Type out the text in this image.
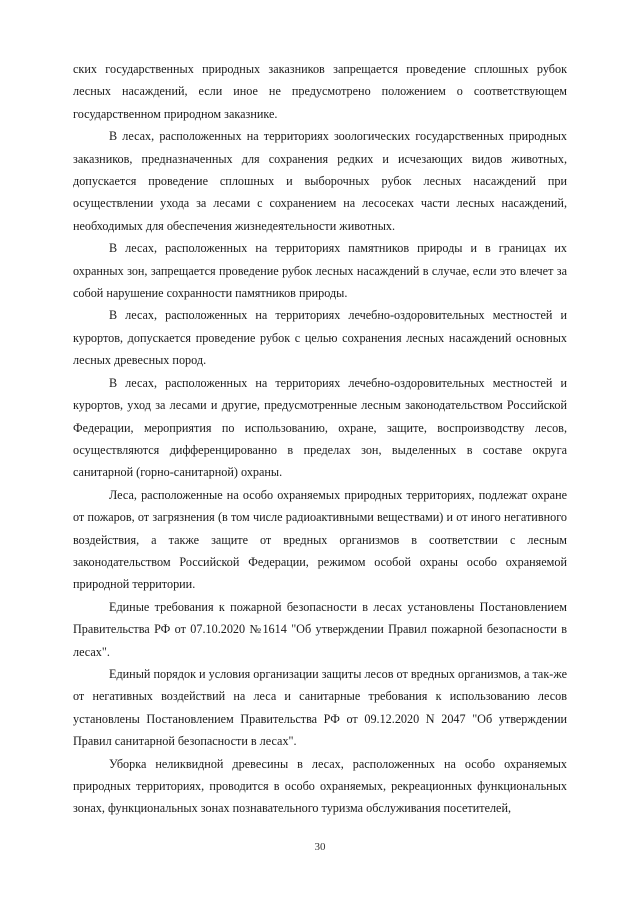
ских государственных природных заказников запрещается проведение сплошных рубок лесных насаждений, если иное не предусмотрено положением о соответствующем государственном природном заказнике.

В лесах, расположенных на территориях зоологических государственных природных заказников, предназначенных для сохранения редких и исчезающих видов животных, допускается проведение сплошных и выборочных рубок лесных насаждений при осуществлении ухода за лесами с сохранением на лесосеках части лесных насаждений, необходимых для обеспечения жизнедеятельности животных.

В лесах, расположенных на территориях памятников природы и в границах их охранных зон, запрещается проведение рубок лесных насаждений в случае, если это влечет за собой нарушение сохранности памятников природы.

В лесах, расположенных на территориях лечебно-оздоровительных местностей и курортов, допускается проведение рубок с целью сохранения лесных насаждений основных лесных древесных пород.

В лесах, расположенных на территориях лечебно-оздоровительных местностей и курортов, уход за лесами и другие, предусмотренные лесным законодательством Российской Федерации, мероприятия по использованию, охране, защите, воспроизводству лесов, осуществляются дифференцированно в пределах зон, выделенных в составе округа санитарной (горно-санитарной) охраны.

Леса, расположенные на особо охраняемых природных территориях, подлежат охране от пожаров, от загрязнения (в том числе радиоактивными веществами) и от иного негативного воздействия, а также защите от вредных организмов в соответствии с лесным законодательством Российской Федерации, режимом особой охраны особо охраняемой природной территории.

Единые требования к пожарной безопасности в лесах установлены Постановлением Правительства РФ от 07.10.2020 №1614 "Об утверждении Правил пожарной безопасности в лесах".

Единый порядок и условия организации защиты лесов от вредных организмов, а так-же от негативных воздействий на леса и санитарные требования к использованию лесов установлены Постановлением Правительства РФ от 09.12.2020 N 2047 "Об утверждении Правил санитарной безопасности в лесах".

Уборка неликвидной древесины в лесах, расположенных на особо охраняемых природных территориях, проводится в особо охраняемых, рекреационных функциональных зонах, функциональных зонах познавательного туризма обслуживания посетителей,

30
